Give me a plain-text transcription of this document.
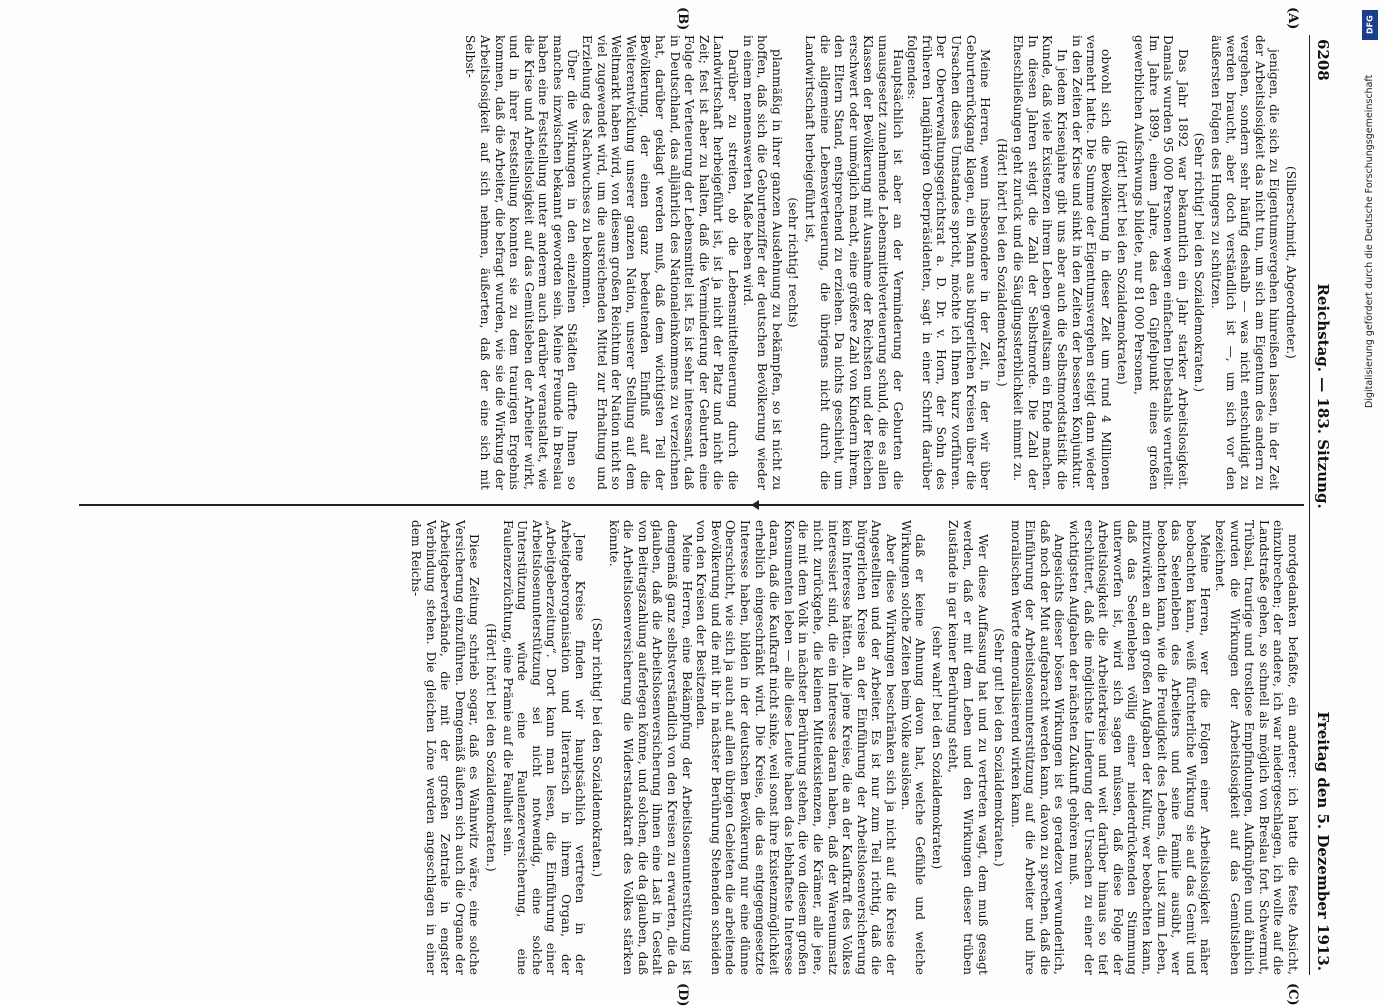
6208
Reichstag. — 183. Sitzung.
Freitag den 5. Dezember 1913.
(A)
(B)
(C)
(D)

(Silberschmidt, Abgeordneter.)

jenigen, die sich zu Eigentumsvergehen hinreißen lassen, in der Zeit der Arbeitslosigkeit das nicht tun, um sich am Eigentum des andern zu vergehen, sondern sehr häufig deshalb — was nicht entschuldigt zu werden braucht, aber doch verständlich ist —, um sich vor den äußersten Folgen des Hungers zu schützen.

(Sehr richtig! bei den Sozialdemokraten.)

Das Jahr 1892 war bekanntlich ein Jahr starker Arbeitslosigkeit. Damals wurden 95 000 Personen wegen einfachen Diebstahls verurteilt. Im Jahre 1899, einem Jahre, das den Gipfelpunkt eines großen gewerblichen Aufschwungs bildete, nur 81 000 Personen,

(Hört! hört! bei den Sozialdemokraten)

obwohl sich die Bevölkerung in dieser Zeit um rund 4 Millionen vermehrt hatte. Die Summe der Eigentumsvergehen steigt dann wieder in den Zeiten der Krise und sinkt in den Zeiten der besseren Konjunktur.

In jedem Krisenjahre gibt uns aber auch die Selbstmordstatistik die Kunde, daß viele Existenzen ihrem Leben gewaltsam ein Ende machen. In diesen Jahren steigt die Zahl der Selbstmorde. Die Zahl der Eheschließungen geht zurück und die Säuglingssterblichkeit nimmt zu.

(Hört! hört! bei den Sozialdemokraten.)

Meine Herren, wenn insbesondere in der Zeit, in der wir über Geburtenrückgang klagen, ein Mann aus bürgerlichen Kreisen über die Ursachen dieses Umstandes spricht, möchte ich Ihnen kurz vorführen. Der Oberverwaltungsgerichtsrat a. D. Dr. v. Horn, der Sohn des früheren langjährigen Oberpräsidenten, sagt in einer Schrift darüber folgendes:

Hauptsächlich ist aber an der Verminderung der Geburten die unausgesetzt zunehmende Lebensmittelverteuerung schuld, die es allen Klassen der Bevölkerung mit Ausnahme der Reichsten und der Reichen erschwert oder unmöglich macht, eine größere Zahl von Kindern ihrem, den Eltern Stand, entsprechend zu erziehen. Da nichts geschieht, um die allgemeine Lebensverteuerung, die übrigens nicht durch die Landwirtschaft herbeigeführt ist,

(sehr richtig! rechts)

planmäßig in ihrer ganzen Ausdehnung zu bekämpfen, so ist nicht zu hoffen, daß sich die Geburtenziffer der deutschen Bevölkerung wieder in einem nennenswerten Maße heben wird.

Darüber zu streiten, ob die Lebensmittelteuerung durch die Landwirtschaft herbeigeführt ist, ist ja nicht der Platz und nicht die Zeit; fest ist aber zu halten, daß die Verminderung der Geburten eine Folge der Verteuerung der Lebensmittel ist. Es ist sehr interessant, daß in Deutschland, das alljährlich des Nationaleinkommens zu verzeichnen hat, darüber geklagt werden muß, daß dem wichtigsten Teil der Bevölkerung, der einen ganz bedeutenden Einfluß auf die Weiterentwicklung unserer ganzen Nation, unserer Stellung auf dem Weltmarkt haben wird, von diesem großen Reichtum der Nation nicht so viel zugewendet wird, um die ausreichenden Mittel zur Erhaltung und Erziehung des Nachwuchses zu bekommen.

Über die Wirkungen in den einzelnen Städten dürfte Ihnen so manches inzwischen bekannt geworden sein. Meine Freunde in Breslau haben eine Feststellung unter anderem auch darüber veranstaltet, wie die Krise und Arbeitslosigkeit auf das Gemütsleben der Arbeiter wirkt, und in ihrer Feststellung konnten sie zu dem traurigen Ergebnis kommen, daß die Arbeiter, die befragt wurden, wie sie die Wirkung der Arbeitslosigkeit auf sich nehmen, äußerten, daß der eine sich mit Selbst-

mordgedanken befaßte, ein anderer: ich hatte die feste Absicht, einzubrechen; der andere, ich war niedergeschlagen, ich wollte auf die Landstraße gehen, so schnell als möglich von Breslau fort. Schwermut, Trübsal, traurige und trostlose Empfindungen, Aufknüpfen und ähnlich wurden die Wirkungen der Arbeitslosigkeit auf das Gemütsleben bezeichnet.

Meine Herren, wer die Folgen einer Arbeitslosigkeit näher beobachten kann, weiß fürchterliche Wirkung sie auf das Gemüt und das Seelenleben des Arbeiters und seine Familie ausübt, wer beobachten kann, wie die Freudigkeit des Lebens, die Lust zum Leben, mitzuwirken an den großen Aufgaben der Kultur, wer beobachten kann, daß das Seelenleben völlig einer niederdrückenden Stimmung unterworfen ist, wird sich sagen müssen, daß diese Folge der Arbeitslosigkeit die Arbeiterkreise und weit darüber hinaus so tief erschüttert, daß die möglichste Linderung der Ursachen zu einer der wichtigsten Aufgaben der nächsten Zukunft gehören muß.

Angesichts dieser bösen Wirkungen ist es geradezu verwunderlich, daß noch der Mut aufgebracht werden kann, davon zu sprechen, daß die Einführung der Arbeitslosenunterstützung auf die Arbeiter und ihre moralischen Werte demoralisierend wirken kann.

(Sehr gut! bei den Sozialdemokraten.)

Wer diese Auffassung hat und zu vertreten wagt, dem muß gesagt werden, daß er mit dem Leben und den Wirkungen dieser trüben Zustände in gar keiner Berührung steht,

(sehr wahr! bei den Sozialdemokraten)

daß er keine Ahnung davon hat, welche Gefühle und welche Wirkungen solche Zeiten beim Volke auslösen.

Aber diese Wirkungen beschränken sich ja nicht auf die Kreise der Angestellten und der Arbeiter. Es ist nur zum Teil richtig, daß die bürgerlichen Kreise an der Einführung der Arbeitslosenversicherung kein Interesse hätten. Alle jene Kreise, die an der Kaufkraft des Volkes interessiert sind, die ein Interesse daran haben, daß der Warenumsatz nicht zurückgehe, die kleinen Mittelexistenzen, die Krämer, alle jene, die mit dem Volk in nächster Berührung stehen, die von diesem großen Konsumenten leben — alle diese Leute haben das lebhafteste Interesse daran, daß die Kaufkraft nicht sinke, weil sonst ihre Existenzmöglichkeit erheblich eingeschränkt wird. Die Kreise, die das entgegengesetzte Interesse haben, bilden in der deutschen Bevölkerung nur eine dünne Oberschicht, wie sich ja auch auf allen übrigen Gebieten die arbeitende Bevölkerung und die mit ihr in nächster Berührung Stehenden scheiden von den Kreisen der Besitzenden.

Meine Herren, eine Bekämpfung der Arbeitslosenunterstützung ist demgemäß ganz selbstverständlich von den Kreisen zu erwarten, die da glauben, daß die Arbeitslosenversicherung ihnen eine Last in Gestalt von Beitragszahlung auferlegen könne, und solchen, die da glauben, daß die Arbeitslosenversicherung die Widerstandskraft des Volkes stärken könnte.

(Sehr richtig! bei den Sozialdemokraten.)

Jene Kreise finden wir hauptsächlich vertreten in der Arbeitgeberorganisation und literarisch in ihrem Organ, der „Arbeitgeberzeitung“. Dort kann man lesen, die Einführung einer Arbeitslosenunterstützung sei nicht notwendig, eine solche Unterstützung würde eine Faulenzerversicherung, eine Faulenzerzüchtung, eine Prämie auf die Faulheit sein.

(Hört! hört! bei den Sozialdemokraten.)

Diese Zeitung schrieb sogar, daß es Wahnwitz wäre, eine solche Versicherung einzuführen. Demgemäß äußern sich auch die Organe der Arbeitgeberverbände, die mit der großen Zentrale in engster Verbindung stehen. Die gleichen Löne werden angeschlagen in einer dem Reichs-

DFG
Digitalisierung gefördert durch die Deutsche Forschungsgemeinschaft
